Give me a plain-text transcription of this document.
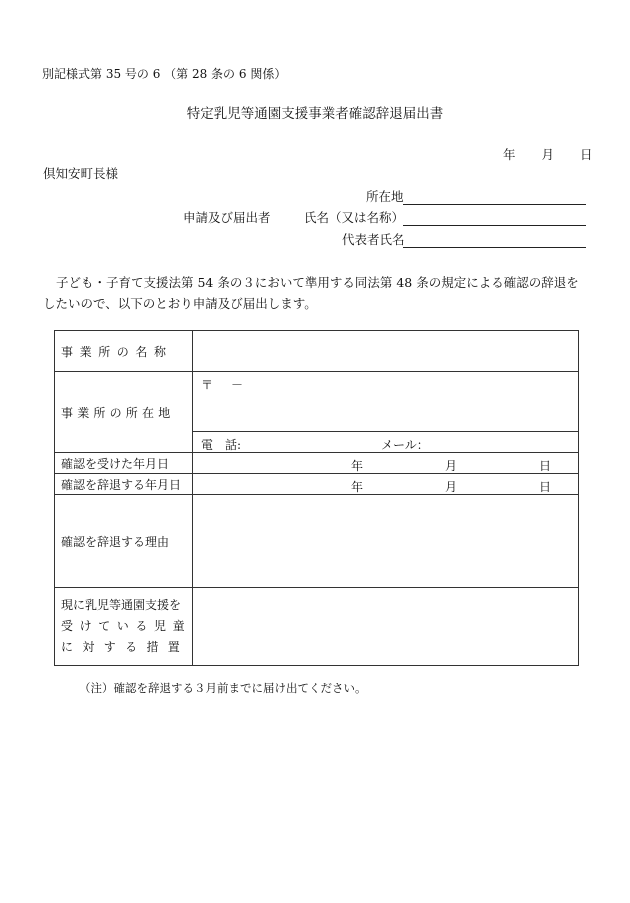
別記様式第 35 号の 6 （第 28 条の 6 関係）
特定乳児等通園支援事業者確認辞退届出書
年 月 日
倶知安町長様
所在地
申請及び届出者	氏名（又は名称）
代表者氏名
子ども・子育て支援法第 54 条の３において準用する同法第 48 条の規定による確認の辞退をしたいので、以下のとおり申請及び届出します。
事業所の名称	
事業所の所在地	〒 －

	電　話: メール：

確認を受けた年月日	年 月 日

確認を辞退する年月日	年 月 日

確認を辞退する理由	

現に乳児等通園支援を
受けている児童
に対する措置	

（注）確認を辞退する３月前までに届け出てください。
